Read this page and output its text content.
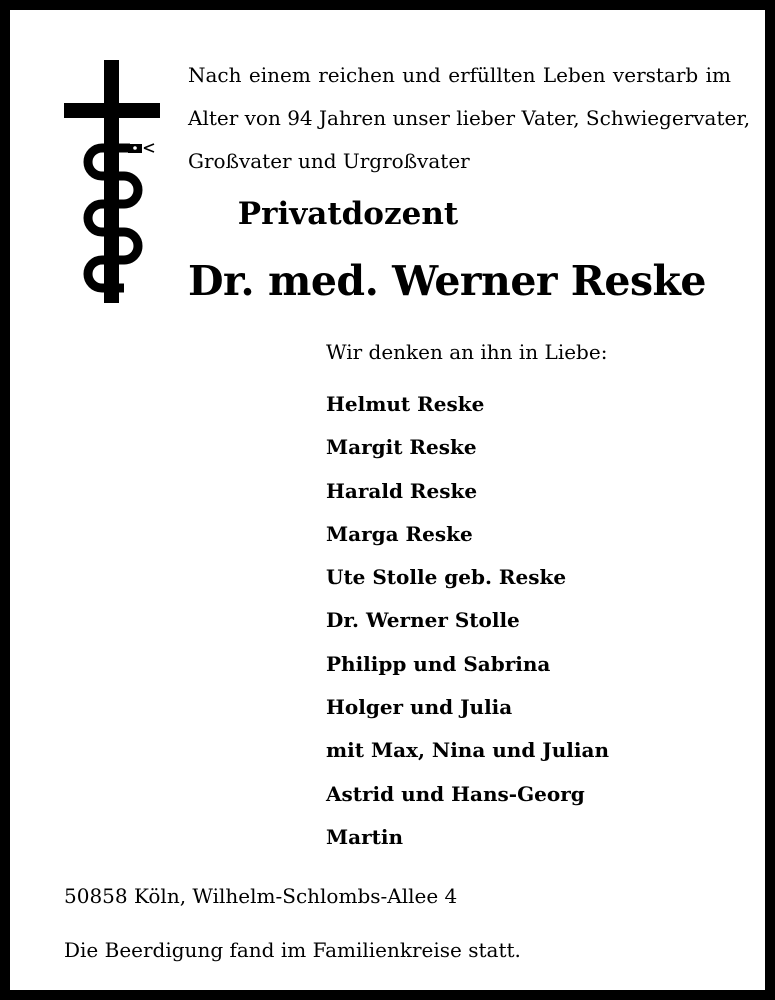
Nach einem reichen und erfüllten Leben verstarb im
Alter von 94 Jahren unser lieber Vater, Schwiegervater,
Großvater und Urgroßvater
Privatdozent
Dr. med. Werner Reske
Wir denken an ihn in Liebe:
Helmut Reske
Margit Reske
Harald Reske
Marga Reske
Ute Stolle geb. Reske
Dr. Werner Stolle
Philipp und Sabrina
Holger und Julia
mit Max, Nina und Julian
Astrid und Hans-Georg
Martin
50858 Köln, Wilhelm-Schlombs-Allee 4
Die Beerdigung fand im Familienkreise statt.
